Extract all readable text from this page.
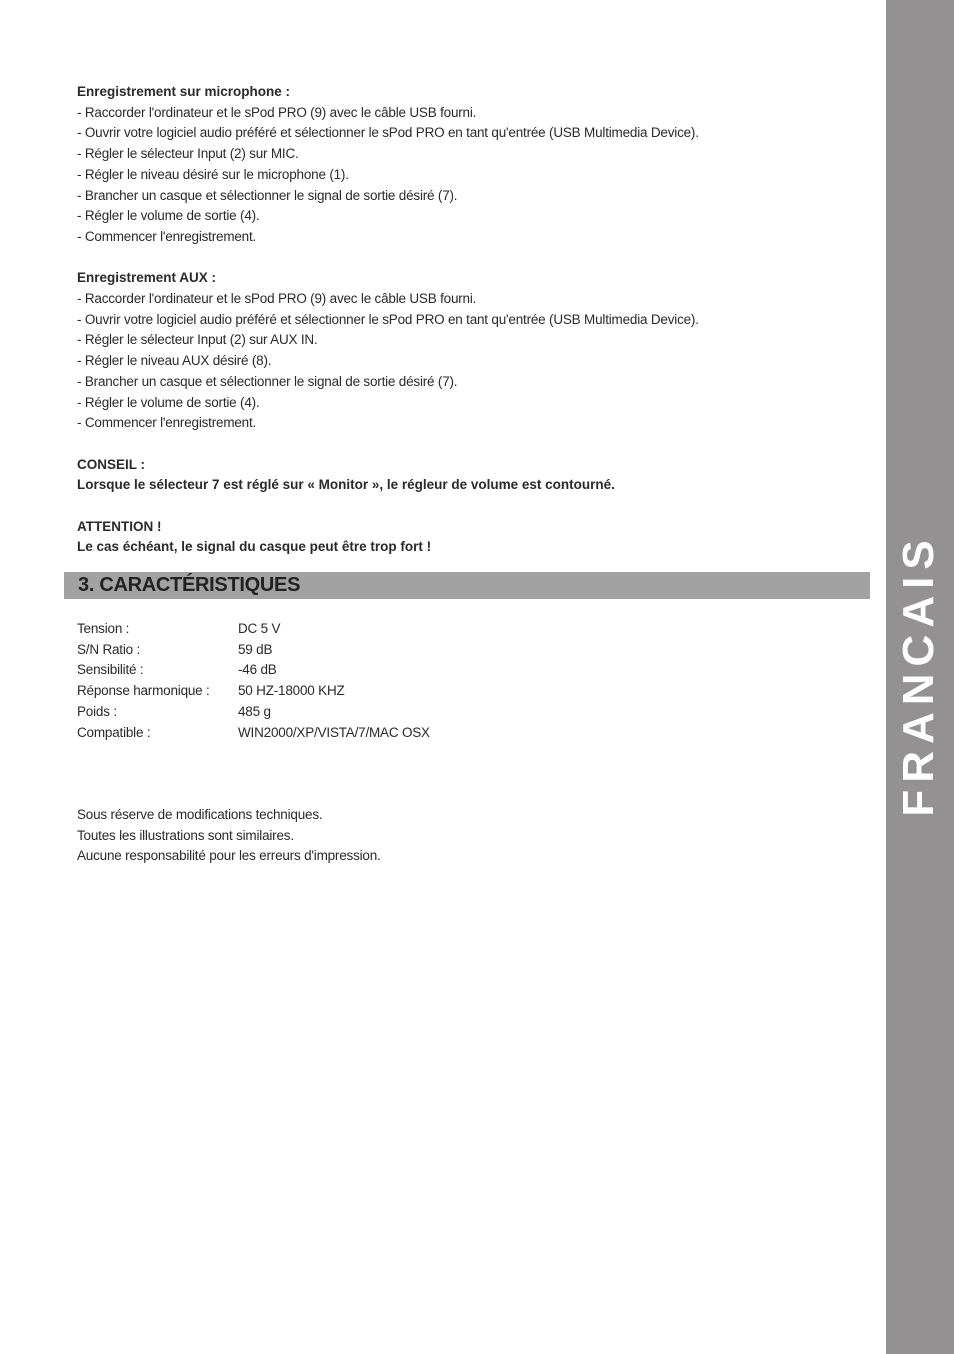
FRANCAIS
Enregistrement sur microphone :
- Raccorder l'ordinateur et le sPod PRO (9) avec le câble USB fourni.
- Ouvrir votre logiciel audio préféré et sélectionner le sPod PRO en tant qu'entrée (USB Multimedia Device).
- Régler le sélecteur Input (2) sur MIC.
- Régler le niveau désiré sur le microphone (1).
- Brancher un casque et sélectionner le signal de sortie désiré (7).
- Régler le volume de sortie (4).
- Commencer l'enregistrement.
Enregistrement AUX :
- Raccorder l'ordinateur et le sPod PRO (9) avec le câble USB fourni.
- Ouvrir votre logiciel audio préféré et sélectionner le sPod PRO en tant qu'entrée (USB Multimedia Device).
- Régler le sélecteur Input (2) sur AUX IN.
- Régler le niveau AUX désiré (8).
- Brancher un casque et sélectionner le signal de sortie désiré (7).
- Régler le volume de sortie (4).
- Commencer l'enregistrement.
CONSEIL :
Lorsque le sélecteur 7 est réglé sur « Monitor », le régleur de volume est contourné.
ATTENTION !
Le cas échéant, le signal du casque peut être trop fort !
3. CARACTÉRISTIQUES
Tension :	DC 5 V
S/N Ratio :	59 dB
Sensibilité :	-46 dB
Réponse harmonique :	50 HZ-18000 KHZ
Poids :	485 g
Compatible :	WIN2000/XP/VISTA/7/MAC OSX
Sous réserve de modifications techniques.
Toutes les illustrations sont similaires.
Aucune responsabilité pour les erreurs d'impression.
